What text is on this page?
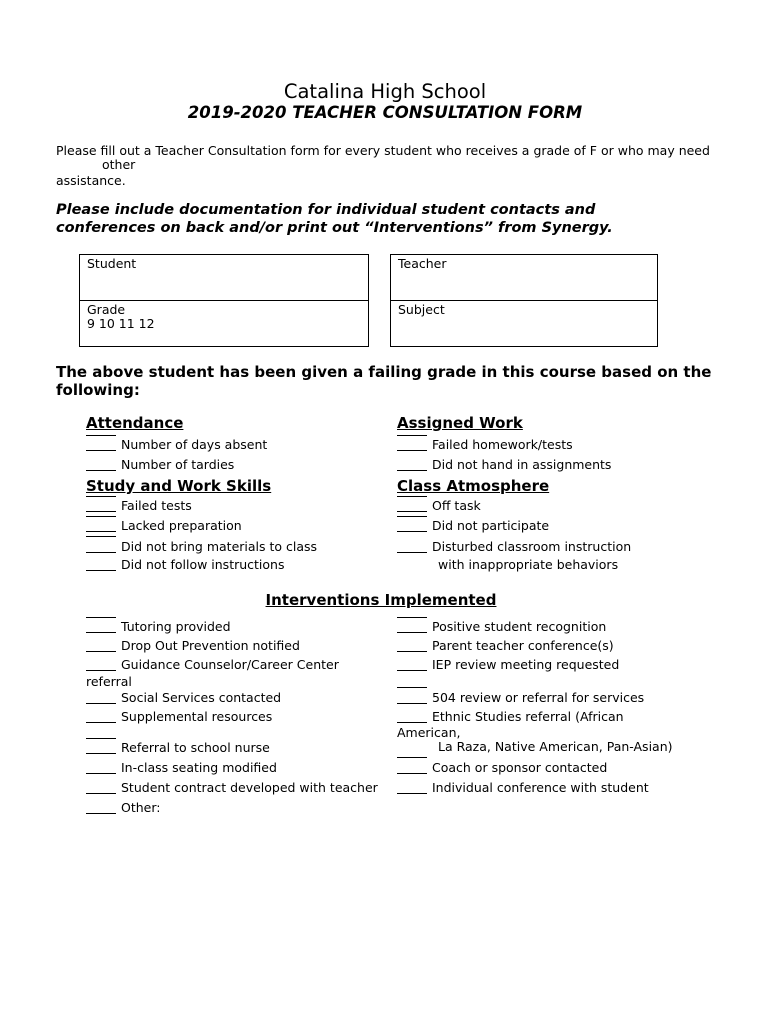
Catalina High School
2019-2020 TEACHER CONSULTATION FORM
Please fill out a Teacher Consultation form for every student who receives a grade of F or who may need
other
assistance.
Please include documentation for individual student contacts and
conferences on back and/or print out “Interventions” from Synergy.
Student
Grade
9 10 11 12
Teacher
Subject
The above student has been given a failing grade in this course based on the
following:
Attendance
Number of days absent
Number of tardies
Assigned Work
Failed homework/tests
Did not hand in assignments
Study and Work Skills
Failed tests
Lacked preparation
Did not bring materials to class
Did not follow instructions
Class Atmosphere
Off task
Did not participate
Disturbed classroom instruction
with inappropriate behaviors
Interventions Implemented
Tutoring provided
Drop Out Prevention notified
Guidance Counselor/Career Center
referral
Social Services contacted
Supplemental resources
Referral to school nurse
In-class seating modified
Student contract developed with teacher
Other:
Positive student recognition
Parent teacher conference(s)
IEP review meeting requested
504 review or referral for services
Ethnic Studies referral (African
American,
La Raza, Native American, Pan-Asian)
Coach or sponsor contacted
Individual conference with student
